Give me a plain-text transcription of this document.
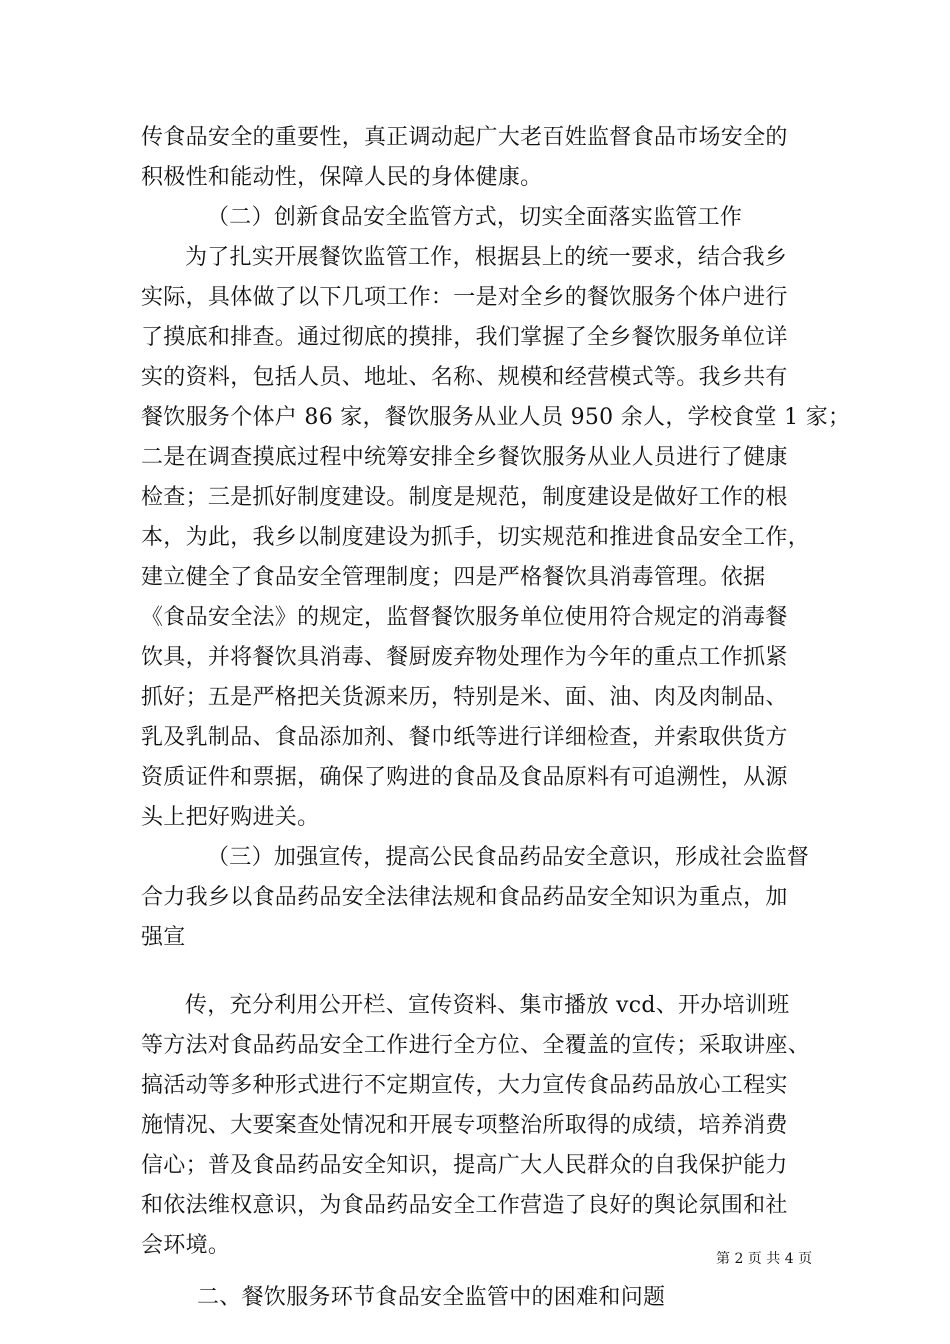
传食品安全的重要性，真正调动起广大老百姓监督食品市场安全的
积极性和能动性，保障人民的身体健康。
（二）创新食品安全监管方式，切实全面落实监管工作
为了扎实开展餐饮监管工作，根据县上的统一要求，结合我乡
实际，具体做了以下几项工作：一是对全乡的餐饮服务个体户进行
了摸底和排查。通过彻底的摸排，我们掌握了全乡餐饮服务单位详
实的资料，包括人员、地址、名称、规模和经营模式等。我乡共有
餐饮服务个体户 86 家，餐饮服务从业人员 950 余人，学校食堂 1 家；
二是在调查摸底过程中统筹安排全乡餐饮服务从业人员进行了健康
检查；三是抓好制度建设。制度是规范，制度建设是做好工作的根
本，为此，我乡以制度建设为抓手，切实规范和推进食品安全工作，
建立健全了食品安全管理制度；四是严格餐饮具消毒管理。依据
《食品安全法》的规定，监督餐饮服务单位使用符合规定的消毒餐
饮具，并将餐饮具消毒、餐厨废弃物处理作为今年的重点工作抓紧
抓好；五是严格把关货源来历，特别是米、面、油、肉及肉制品、
乳及乳制品、食品添加剂、餐巾纸等进行详细检查，并索取供货方
资质证件和票据，确保了购进的食品及食品原料有可追溯性，从源
头上把好购进关。
（三）加强宣传，提高公民食品药品安全意识，形成社会监督
合力我乡以食品药品安全法律法规和食品药品安全知识为重点，加
强宣
传，充分利用公开栏、宣传资料、集市播放 vcd、开办培训班
等方法对食品药品安全工作进行全方位、全覆盖的宣传；采取讲座、
搞活动等多种形式进行不定期宣传，大力宣传食品药品放心工程实
施情况、大要案查处情况和开展专项整治所取得的成绩，培养消费
信心；普及食品药品安全知识，提高广大人民群众的自我保护能力
和依法维权意识，为食品药品安全工作营造了良好的舆论氛围和社
会环境。
二、餐饮服务环节食品安全监管中的困难和问题
第 2 页 共 4 页
